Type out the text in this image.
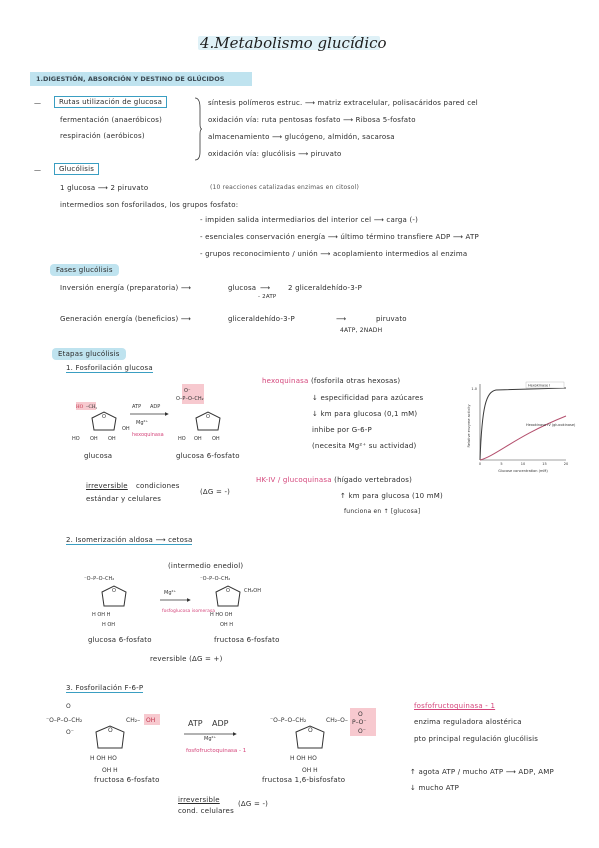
4.Metabolismo glucídico
1.DIGESTIÓN, ABSORCIÓN Y DESTINO DE GLÚCIDOS
—	Rutas utilización de glucosa
fermentación (anaeróbicos)
respiración (aeróbicos)
síntesis polímeros estruc. ⟶ matriz extracelular, polisacáridos pared cel
oxidación vía: ruta pentosas fosfato ⟶ Ribosa 5-fosfato
almacenamiento ⟶ glucógeno, almidón, sacarosa
oxidación vía: glucólisis ⟶ piruvato
—	Glucólisis
1 glucosa ⟶ 2 piruvato	(10 reacciones catalizadas enzimas en citosol)
intermedios son fosforilados, los grupos fosfato:
- impiden salida intermediarios del interior cel ⟶ carga (-)
- esenciales conservación energía ⟶ último término transfiere ADP ⟶ ATP
- grupos reconocimiento / unión ⟶ acoplamiento intermedios al enzima
Fases glucólisis
Inversión energía (preparatoria) ⟶	glucosa ⟶
- 2ATP
2 gliceraldehído-3-P
Generación energía (beneficios) ⟶	gliceraldehído-3-P	⟶	piruvato
4ATP, 2NADH
Etapas glucólisis
1. Fosforilación glucosa
HO –CH₂
O
HO OH OH
OH
ATP ADP
Mg²⁺
hexoquinasa
O⁻
O–P–O–CH₂
O
HO OH OH
glucosa	glucosa 6-fosfato
irreversible condiciones
estándar y celulares
(ΔG = -)
hexoquinasa (fosforila otras hexosas)
↓ especificidad para azúcares
↓ km para glucosa (0,1 mM)
inhibe por G-6-P
(necesita Mg²⁺ su actividad)
HK-IV / glucoquinasa (hígado vertebrados)
↑ km para glucosa (10 mM)
funciona en ↑ [glucosa]
Relative enzyme activity
1.0
0	5	10	15	20
Glucose concentration (mM)
Hexokinase I
Hexokinase IV (glucokinase)
2. Isomerización aldosa ⟶ cetosa
(intermedio enediol)
⁻O–P–O–CH₂
O
H OH H
H OH
Mg²⁺
fosfoglucosa isomerasa
⁻O–P–O–CH₂
O	CH₂OH
H HO OH
OH H
glucosa 6-fosfato	fructosa 6-fosfato
reversible (ΔG = +)
3. Fosforilación F-6-P
O
⁻O–P–O–CH₂
O⁻	O
CH₂– OH
H OH HO
OH H
ATP ADP
Mg²⁺
fosfofructoquinasa - 1
⁻O–P–O–CH₂
O
CH₂–O–
O
P–O⁻
O⁻
H OH HO
OH H
fructosa 6-fosfato	fructosa 1,6-bisfosfato
irreversible
cond. celulares
(ΔG = -)
fosfofructoquinasa - 1
enzima reguladora alostérica
pto principal regulación glucólisis
↑ agota ATP / mucho ATP ⟶ ADP, AMP
↓ mucho ATP
